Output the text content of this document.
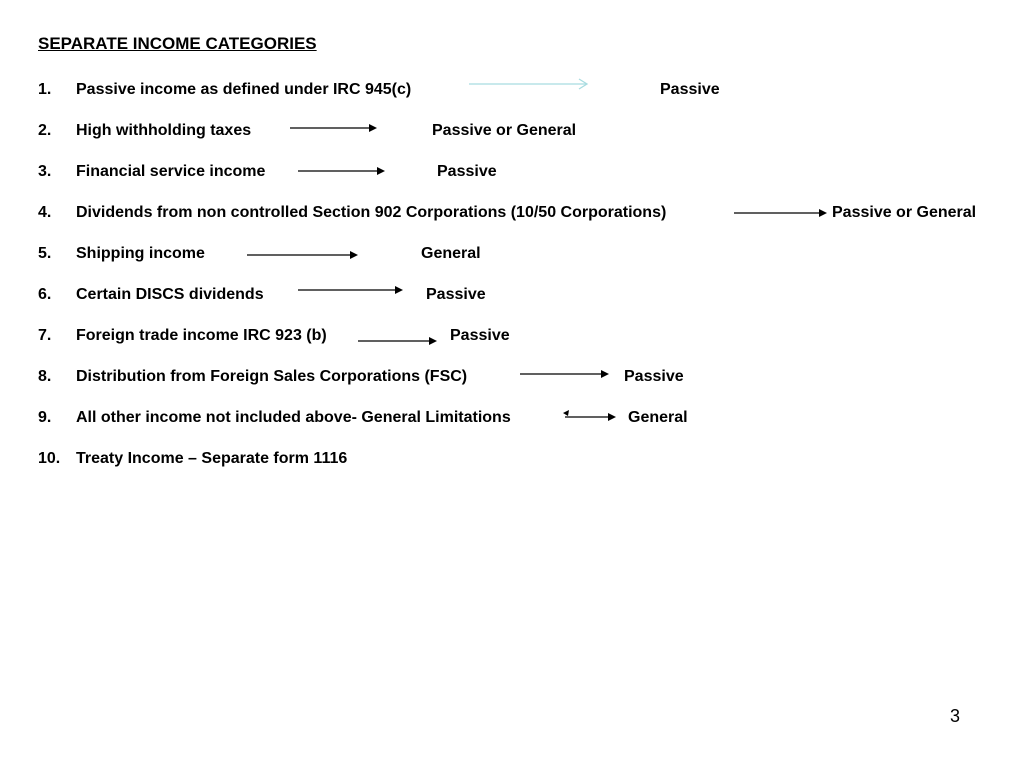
SEPARATE INCOME CATEGORIES
1. Passive income as defined under IRC 945(c)	Passive
2. High withholding taxes	Passive or General
3. Financial service income	Passive
4. Dividends from non controlled Section 902 Corporations (10/50 Corporations)	Passive or General
5. Shipping income	General
6. Certain DISCS dividends	Passive
7. Foreign trade income IRC 923 (b)	Passive
8. Distribution from Foreign Sales Corporations (FSC)	Passive
9. All other income not included above- General Limitations	General
10. Treaty Income – Separate form 1116
3
